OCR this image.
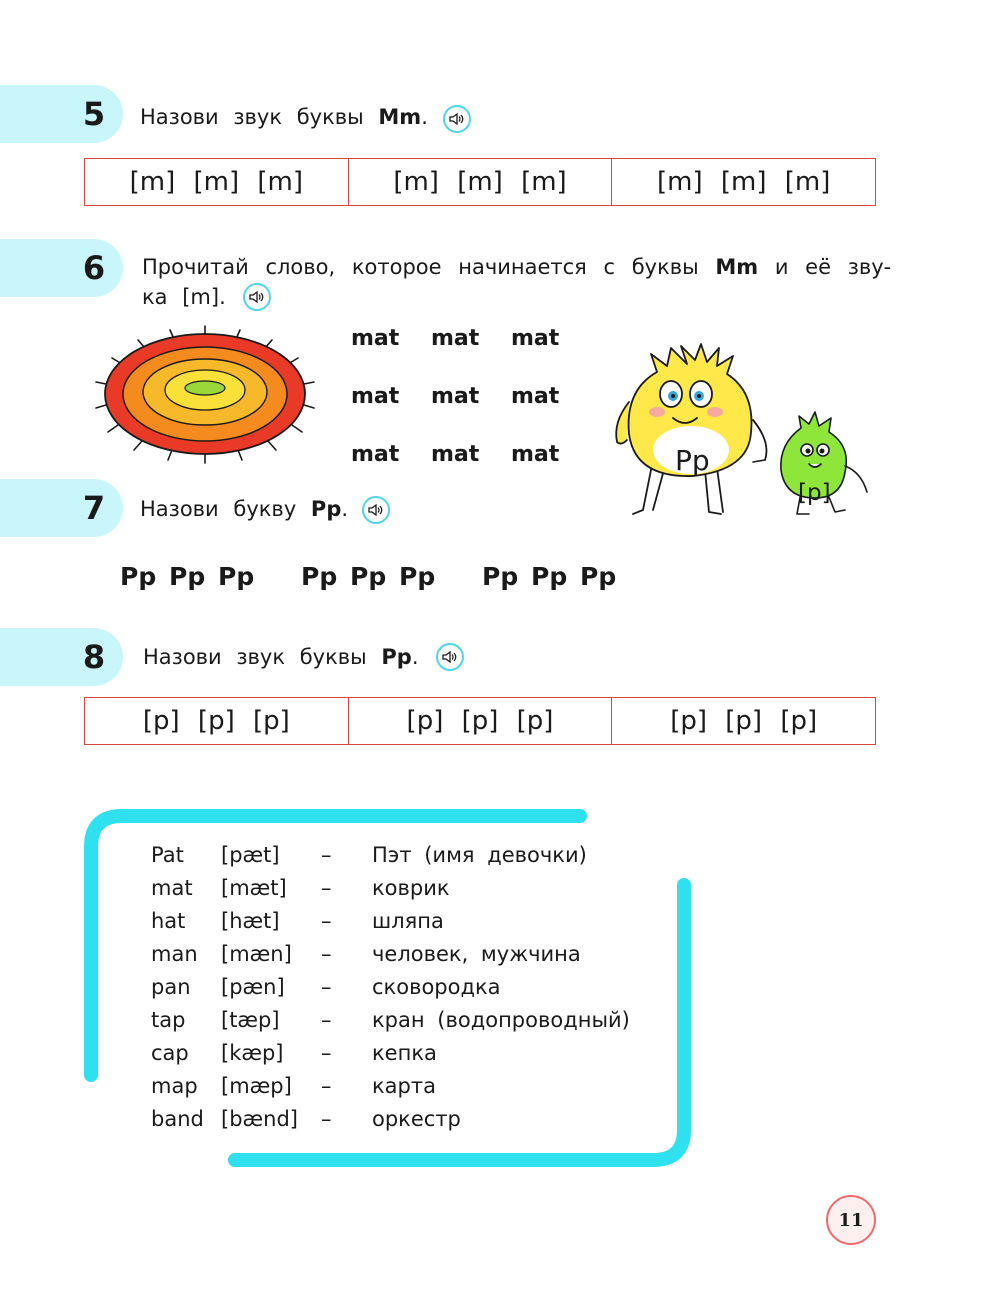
5 Назови звук буквы Mm.
[m] [m] [m]	[m] [m] [m]	[m] [m] [m]
6 Прочитай слово, которое начинается с буквы Mm и её зву-
ка [m].
mat mat mat
mat mat mat
mat mat mat	Pp
[p]
7 Назови букву Pp.
Pp Pp Pp Pp Pp Pp Pp Pp Pp
8 Назови звук буквы Pp.
[p] [p] [p]	[p] [p] [p]	[p] [p] [p]
Pat [pæt] – Пэт (имя девочки)
mat [mæt] – коврик
hat [hæt] – шляпа
man [mæn] – человек, мужчина
pan [pæn] – сковородка
tap [tæp] – кран (водопроводный)
cap [kæp] – кепка
map [mæp] – карта
band [bænd] – оркестр
11
